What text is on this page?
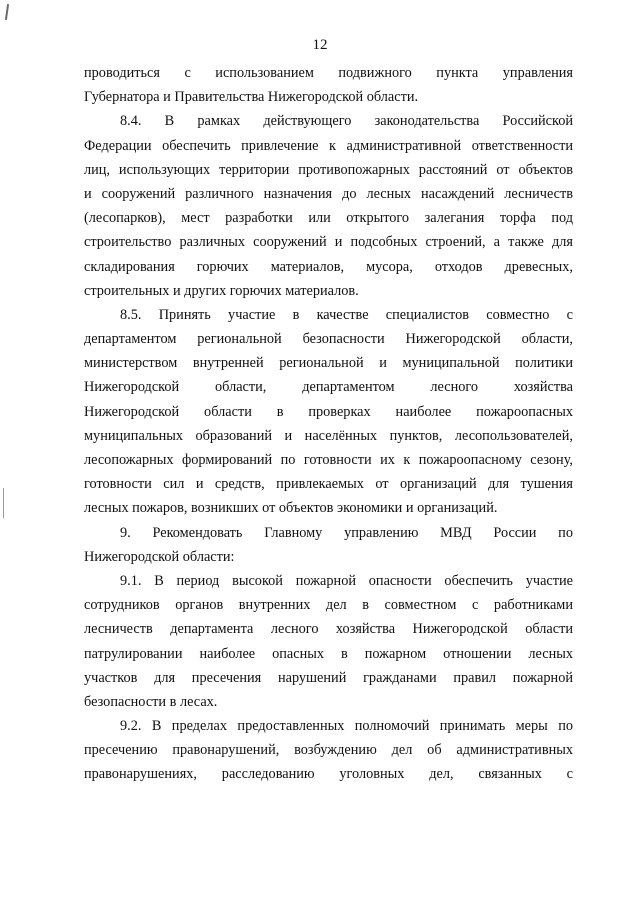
12
проводиться с использованием подвижного пункта управления
Губернатора и Правительства Нижегородской области.
8.4. В рамках действующего законодательства Российской
Федерации обеспечить привлечение к административной ответственности
лиц, использующих территории противопожарных расстояний от объектов
и сооружений различного назначения до лесных насаждений лесничеств
(лесопарков), мест разработки или открытого залегания торфа под
строительство различных сооружений и подсобных строений, а также для
складирования горючих материалов, мусора, отходов древесных,
строительных и других горючих материалов.
8.5. Принять участие в качестве специалистов совместно с
департаментом региональной безопасности Нижегородской области,
министерством внутренней региональной и муниципальной политики
Нижегородской области, департаментом лесного хозяйства
Нижегородской области в проверках наиболее пожароопасных
муниципальных образований и населённых пунктов, лесопользователей,
лесопожарных формирований по готовности их к пожароопасному сезону,
готовности сил и средств, привлекаемых от организаций для тушения
лесных пожаров, возникших от объектов экономики и организаций.
9. Рекомендовать Главному управлению МВД России по
Нижегородской области:
9.1. В период высокой пожарной опасности обеспечить участие
сотрудников органов внутренних дел в совместном с работниками
лесничеств департамента лесного хозяйства Нижегородской области
патрулировании наиболее опасных в пожарном отношении лесных
участков для пресечения нарушений гражданами правил пожарной
безопасности в лесах.
9.2. В пределах предоставленных полномочий принимать меры по
пресечению правонарушений, возбуждению дел об административных
правонарушениях, расследованию уголовных дел, связанных с
